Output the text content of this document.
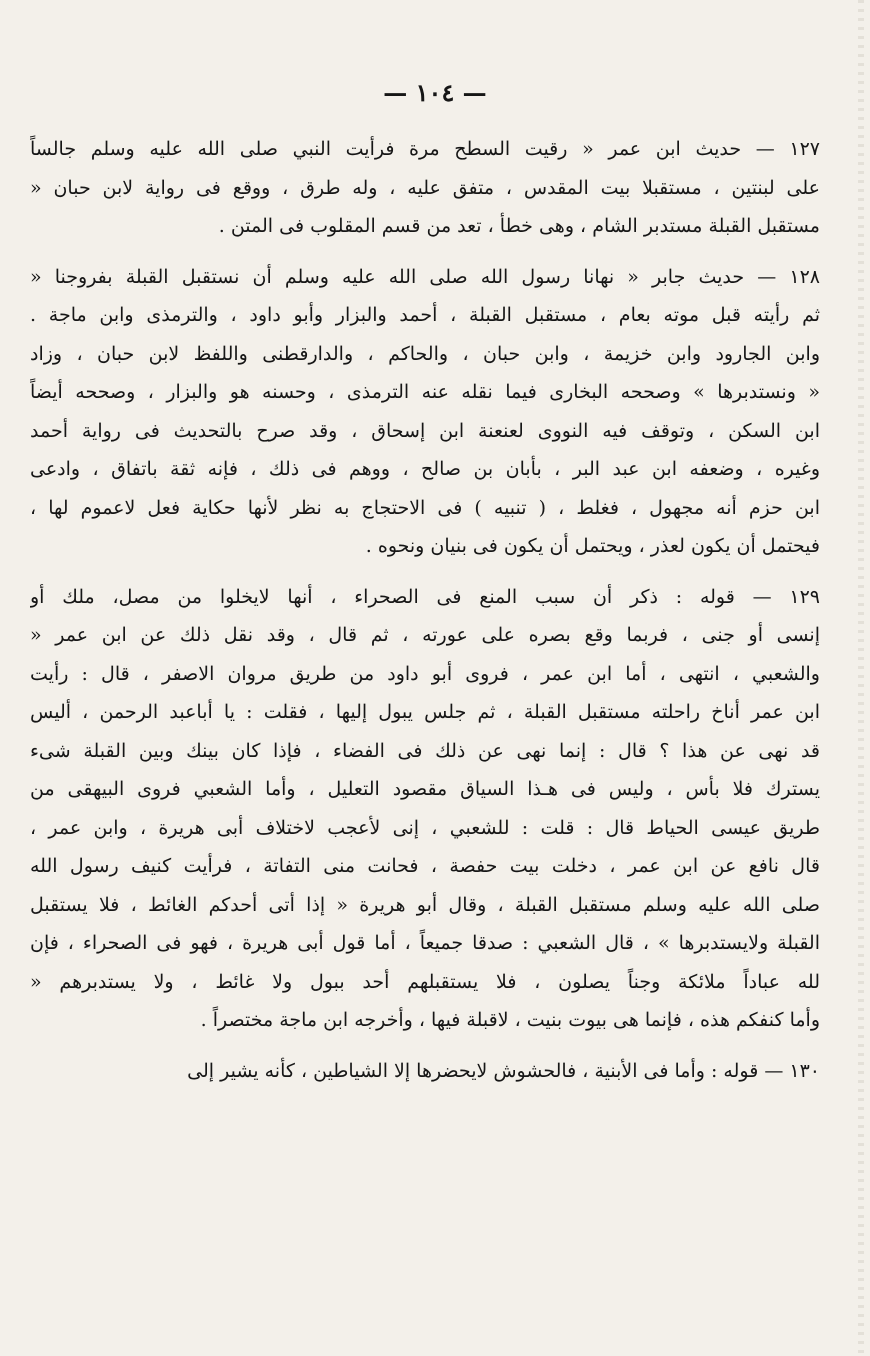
— ١٠٤ —
١٢٧ — حديث ابن عمر « رقيت السطح مرة فرأيت النبي صلى الله عليه وسلم جالساً
على لبنتين ، مستقبلا بيت المقدس ، متفق عليه ، وله طرق ، ووقع فى رواية لابن حبان «
مستقبل القبلة مستدبر الشام ، وهى خطأ ، تعد من قسم المقلوب فى المتن .
١٢٨ — حديث جابر « نهانا رسول الله صلى الله عليه وسلم أن نستقبل القبلة بفروجنا «
ثم رأيته قبل موته بعام ، مستقبل القبلة ، أحمد والبزار وأبو داود ، والترمذى وابن ماجة .
وابن الجارود وابن خزيمة ، وابن حبان ، والحاكم ، والدارقطنى واللفظ لابن حبان ، وزاد
« ونستدبرها » وصححه البخارى فيما نقله عنه الترمذى ، وحسنه هو والبزار ، وصححه أيضاً
ابن السكن ، وتوقف فيه النووى لعنعنة ابن إسحاق ، وقد صرح بالتحديث فى رواية أحمد
وغيره ، وضعفه ابن عبد البر ، بأبان بن صالح ، ووهم فى ذلك ، فإنه ثقة باتفاق ، وادعى
ابن حزم أنه مجهول ، فغلط ، ( تنبيه ) فى الاحتجاج به نظر لأنها حكاية فعل لاعموم لها ،
فيحتمل أن يكون لعذر ، ويحتمل أن يكون فى بنيان ونحوه .
١٢٩ — قوله : ذكر أن سبب المنع فى الصحراء ، أنها لايخلوا من مصل، ملك أو
إنسى أو جنى ، فربما وقع بصره على عورته ، ثم قال ، وقد نقل ذلك عن ابن عمر «
والشعبي ، انتهى ، أما ابن عمر ، فروى أبو داود من طريق مروان الاصفر ، قال : رأيت
ابن عمر أناخ راحلته مستقبل القبلة ، ثم جلس يبول إليها ، فقلت : يا أباعبد الرحمن ، أليس
قد نهى عن هذا ؟ قال : إنما نهى عن ذلك فى الفضاء ، فإذا كان بينك وبين القبلة شىء
يسترك فلا بأس ، وليس فى هـذا السياق مقصود التعليل ، وأما الشعبي فروى البيهقى من
طريق عيسى الحياط قال : قلت : للشعبي ، إنى لأعجب لاختلاف أبى هريرة ، وابن عمر ،
قال نافع عن ابن عمر ، دخلت بيت حفصة ، فحانت منى التفاتة ، فرأيت كنيف رسول الله
صلى الله عليه وسلم مستقبل القبلة ، وقال أبو هريرة « إذا أتى أحدكم الغائط ، فلا يستقبل
القبلة ولايستدبرها » ، قال الشعبي : صدقا جميعاً ، أما قول أبى هريرة ، فهو فى الصحراء ، فإن
لله عباداً ملائكة وجناً يصلون ، فلا يستقبلهم أحد ببول ولا غائط ، ولا يستدبرهم «
وأما كنفكم هذه ، فإنما هى بيوت بنيت ، لاقبلة فيها ، وأخرجه ابن ماجة مختصراً .
١٣٠ — قوله : وأما فى الأبنية ، فالحشوش لايحضرها إلا الشياطين ، كأنه يشير إلى
